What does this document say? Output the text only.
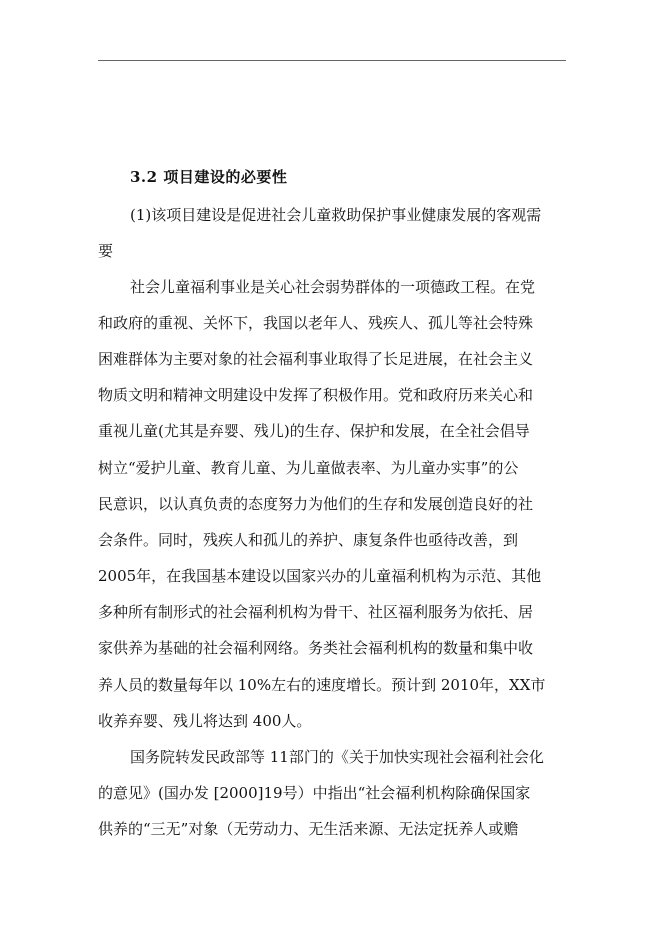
3.2 项目建设的必要性
(1)该项目建设是促进社会儿童救助保护事业健康发展的客观需
要
社会儿童福利事业是关心社会弱势群体的一项德政工程。在党
和政府的重视、关怀下，我国以老年人、残疾人、孤儿等社会特殊
困难群体为主要对象的社会福利事业取得了长足进展，在社会主义
物质文明和精神文明建设中发挥了积极作用。党和政府历来关心和
重视儿童(尤其是弃婴、残儿)的生存、保护和发展，在全社会倡导
树立“爱护儿童、教育儿童、为儿童做表率、为儿童办实事”的公
民意识，以认真负责的态度努力为他们的生存和发展创造良好的社
会条件。同时，残疾人和孤儿的养护、康复条件也亟待改善，到
2005年，在我国基本建设以国家兴办的儿童福利机构为示范、其他
多种所有制形式的社会福利机构为骨干、社区福利服务为依托、居
家供养为基础的社会福利网络。务类社会福利机构的数量和集中收
养人员的数量每年以 10%左右的速度增长。预计到 2010年，XX市
收养弃婴、残儿将达到 400人。
国务院转发民政部等 11部门的《关于加快实现社会福利社会化
的意见》(国办发 [2000]19号）中指出“社会福利机构除确保国家
供养的“三无”对象（无劳动力、无生活来源、无法定抚养人或赡
